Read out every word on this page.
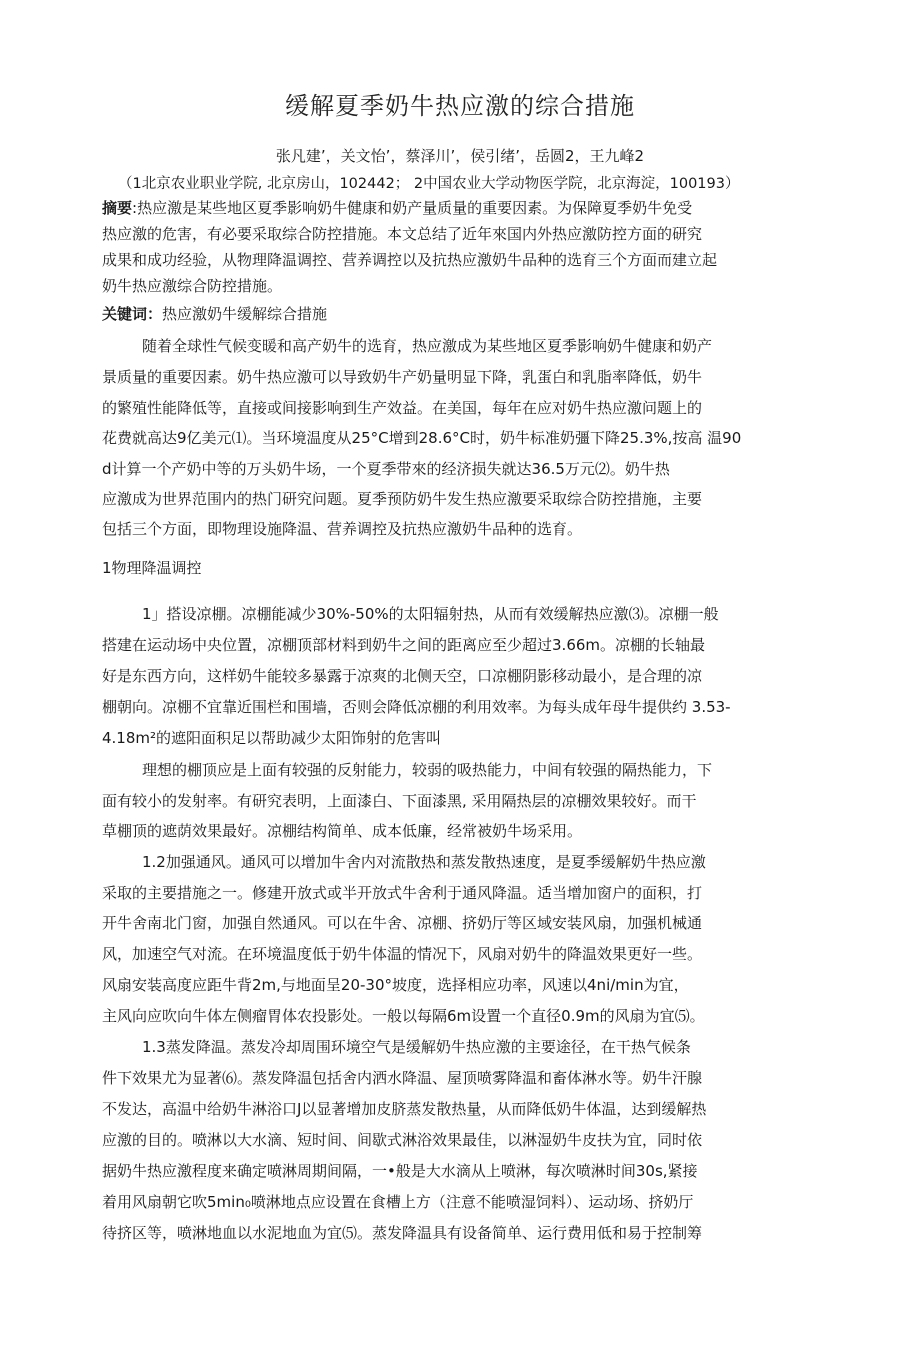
缓解夏季奶牛热应激的综合措施
张凡建’，关文怡’，蔡泽川’，侯引绪’，岳圆2，王九峰2
（1北京农业职业学院, 北京房山，102442； 2中国农业大学动物医学院，北京海淀，100193）
摘要:热应激是某些地区夏季影响奶牛健康和奶产量质量的重要因素。为保障夏季奶牛免受
热应激的危害，有必要采取综合防控措施。本文总结了近年來国内外热应激防控方面的研究
成果和成功经验，从物理降温调控、营养调控以及抗热应激奶牛品种的选育三个方面而建立起
奶牛热应激综合防控措施。
关键词：热应激奶牛缓解综合措施
随着全球性气候变暖和高产奶牛的选育，热应激成为某些地区夏季影响奶牛健康和奶产
景质量的重要因素。奶牛热应激可以导致奶牛产奶量明显下降，乳蛋白和乳脂率降低，奶牛
的繁殖性能降低等，直接或间接影响到生产效益。在美国，每年在应对奶牛热应激问题上的
花费就高达9亿美元⑴。当环境温度从25°C增到28.6°C时，奶牛标准奶彊下降25.3%,按高 温90
d计算一个产奶中等的万头奶牛场，一个夏季带來的经济损失就达36.5万元⑵。奶牛热
应激成为世界范围内的热门研究问题。夏季预防奶牛发生热应激要采取综合防控措施，主要
包括三个方面，即物理设施降温、营养调控及抗热应激奶牛品种的选育。
1物理降温调控
1」搭设凉棚。凉棚能减少30%-50%的太阳辐射热，从而有效缓解热应激⑶。凉棚一般
搭建在运动场中央位置，凉棚顶部材料到奶牛之间的距离应至少超过3.66m。凉棚的长轴最
好是东西方向，这样奶牛能较多暴露于凉爽的北侧天空，口凉棚阴影移动最小，是合理的凉
棚朝向。凉棚不宜靠近围栏和围墙，否则会降低凉棚的利用效率。为每头成年母牛提供约 3.53-
4.18m²的遮阳面积足以帮助减少太阳饰射的危害叫
理想的棚顶应是上面有较强的反射能力，较弱的吸热能力，中间有较强的隔热能力，下
面有较小的发射率。有研究表明，上面漆白、下面漆黑, 采用隔热层的凉棚效果较好。而干
草棚顶的遮荫效果最好。凉棚结构简单、成本低廉，经常被奶牛场采用。
1.2加强通风。通风可以增加牛舍内对流散热和蒸发散热速度，是夏季缓解奶牛热应激
采取的主要措施之一。修建开放式或半开放式牛舍利于通风降温。适当增加窗户的面积，打
开牛舍南北门窗，加强自然通风。可以在牛舍、凉棚、挤奶厅等区域安装风扇，加强机械通
风，加速空气对流。在环境温度低于奶牛体温的情况下，风扇对奶牛的降温效果更好一些。
风扇安装高度应距牛背2m,与地面呈20-30°坡度，选择相应功率，风速以4ni/min为宜，
主风向应吹向牛体左侧瘤胃体农投影处。一般以每隔6m设置一个直径0.9m的风扇为宜⑸。
1.3蒸发降温。蒸发冷却周围环境空气是缓解奶牛热应激的主要途径，在干热气候条
件下效果尤为显著⑹。蒸发降温包括舍内洒水降温、屋顶喷雾降温和畜体淋水等。奶牛汗腺
不发达，高温中给奶牛淋浴口J以显著增加皮脐蒸发散热量，从而降低奶牛体温，达到缓解热
应激的目的。喷淋以大水滴、短时间、间歇式淋浴效果最佳，以淋湿奶牛皮扶为宜，同时依
据奶牛热应激程度来确定喷淋周期间隔，一•般是大水滴从上喷淋，每次喷淋时间30s,紧接
着用风扇朝它吹5min₀喷淋地点应设置在食槽上方（注意不能喷湿饲料）、运动场、挤奶厅
待挤区等，喷淋地血以水泥地血为宜⑸。蒸发降温具有设备简单、运行费用低和易于控制筹
